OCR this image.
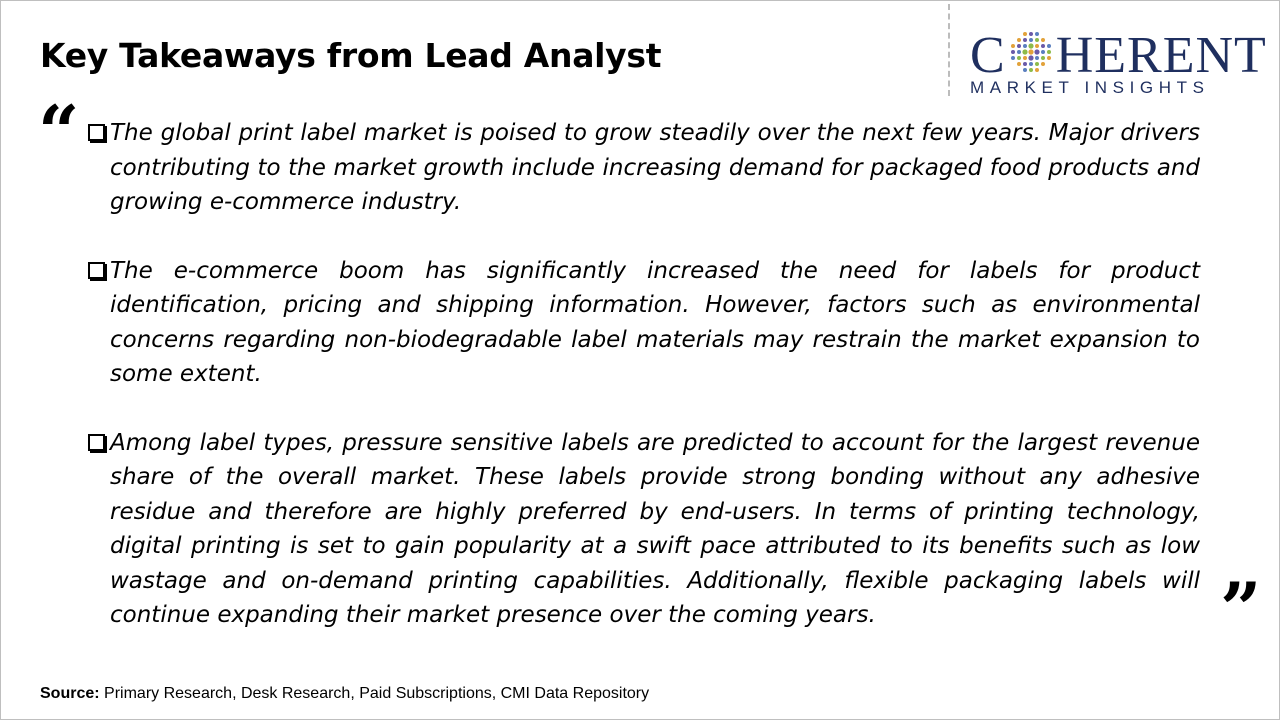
Key Takeaways from Lead Analyst	C HERENT
MARKET INSIGHTS
“	The global print label market is poised to grow steadily over the next few years. Major drivers contributing to the market growth include increasing demand for packaged food products and growing e-commerce industry.
The e-commerce boom has significantly increased the need for labels for product identification, pricing and shipping information. However, factors such as environmental concerns regarding non-biodegradable label materials may restrain the market expansion to some extent.
Among label types, pressure sensitive labels are predicted to account for the largest revenue share of the overall market. These labels provide strong bonding without any adhesive residue and therefore are highly preferred by end-users. In terms of printing technology, digital printing is set to gain popularity at a swift pace attributed to its benefits such as low wastage and on-demand printing capabilities. Additionally, flexible packaging labels will continue expanding their market presence over the coming years.	”
Source: Primary Research, Desk Research, Paid Subscriptions, CMI Data Repository
